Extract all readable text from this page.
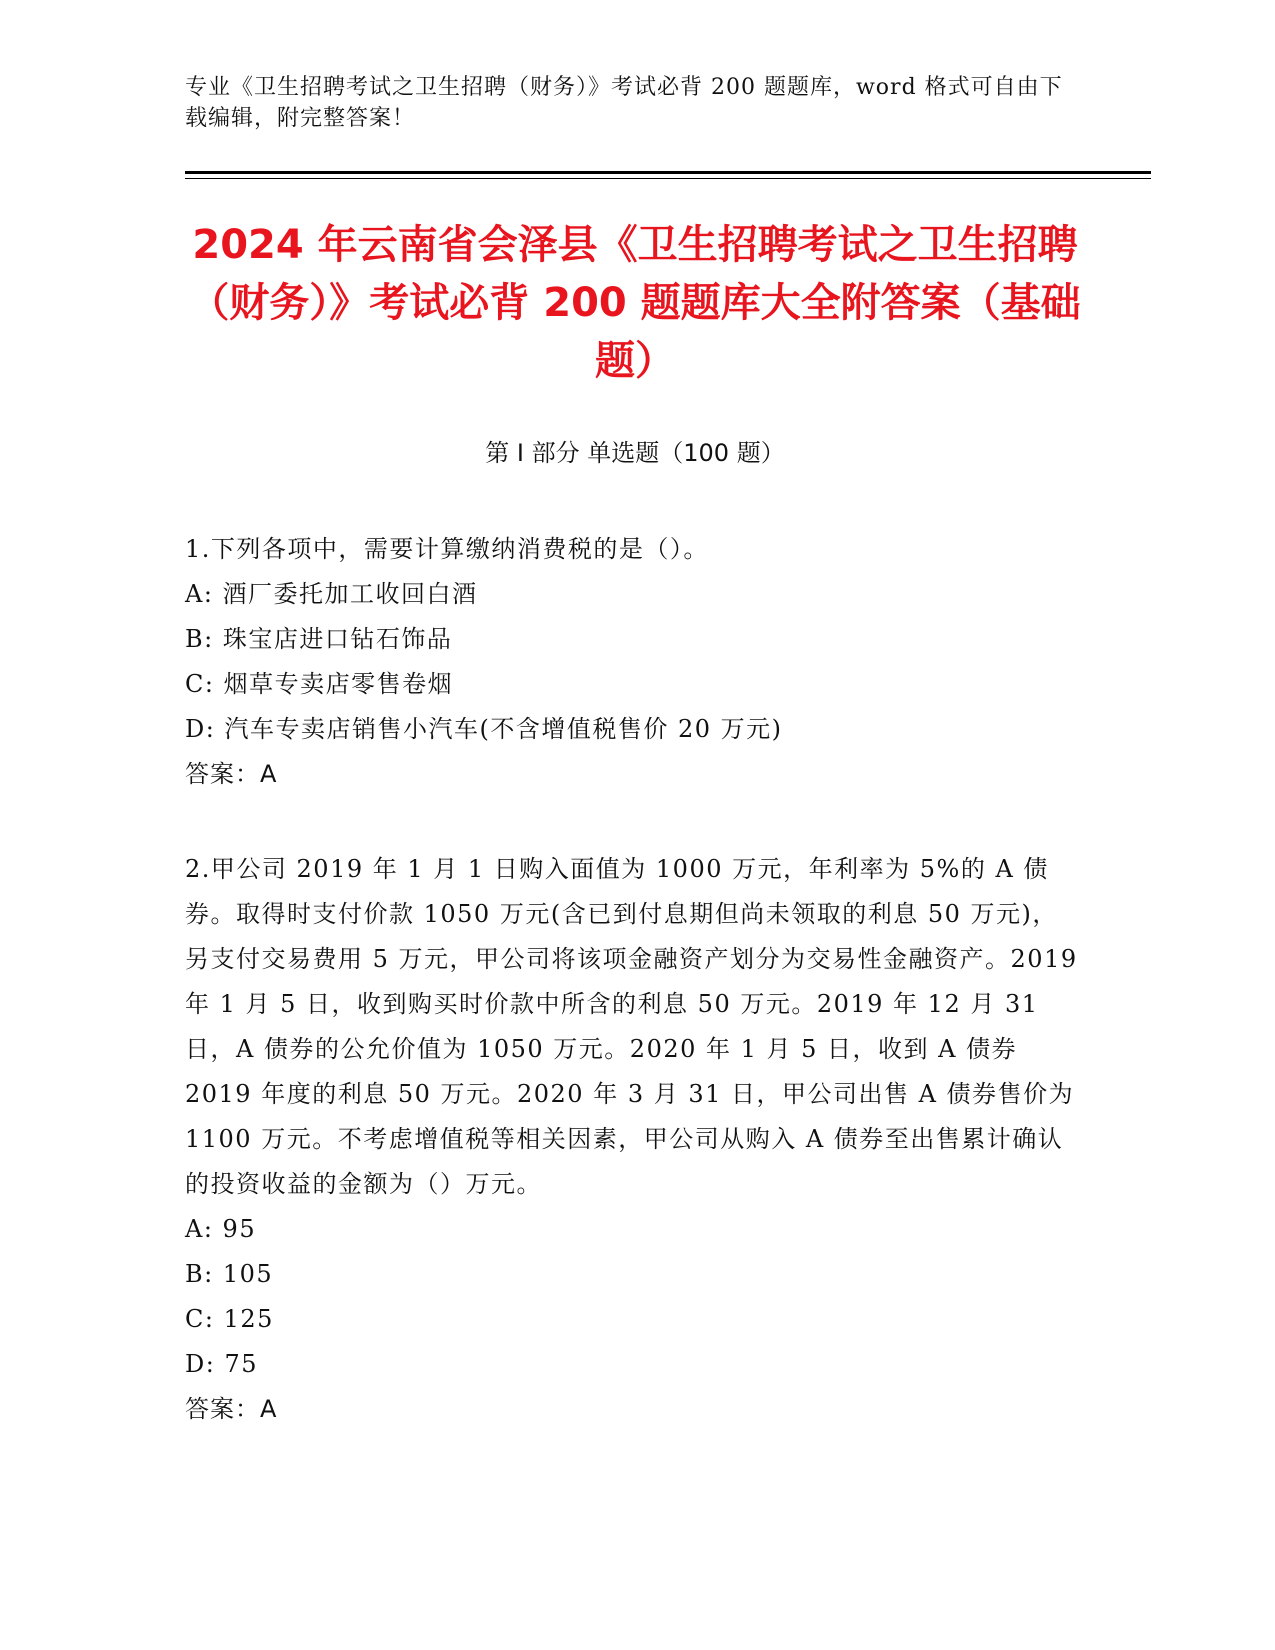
专业《卫生招聘考试之卫生招聘（财务）》考试必背 200 题题库，word 格式可自由下载编辑，附完整答案！
2024 年云南省会泽县《卫生招聘考试之卫生招聘（财务）》考试必背 200 题题库大全附答案（基础题）
第 I 部分 单选题（100 题）

1.下列各项中，需要计算缴纳消费税的是（）。

A: 酒厂委托加工收回白酒

B: 珠宝店进口钻石饰品

C: 烟草专卖店零售卷烟

D: 汽车专卖店销售小汽车(不含增值税售价 20 万元)

答案：A

2.甲公司 2019 年 1 月 1 日购入面值为 1000 万元，年利率为 5%的 A 债券。取得时支付价款 1050 万元(含已到付息期但尚未领取的利息 50 万元)，另支付交易费用 5 万元，甲公司将该项金融资产划分为交易性金融资产。2019 年 1 月 5 日，收到购买时价款中所含的利息 50 万元。2019 年 12 月 31 日，A 债券的公允价值为 1050 万元。2020 年 1 月 5 日，收到 A 债券 2019 年度的利息 50 万元。2020 年 3 月 31 日，甲公司出售 A 债券售价为 1100 万元。不考虑增值税等相关因素，甲公司从购入 A 债券至出售累计确认的投资收益的金额为（）万元。

A: 95

B: 105

C: 125

D: 75

答案：A
